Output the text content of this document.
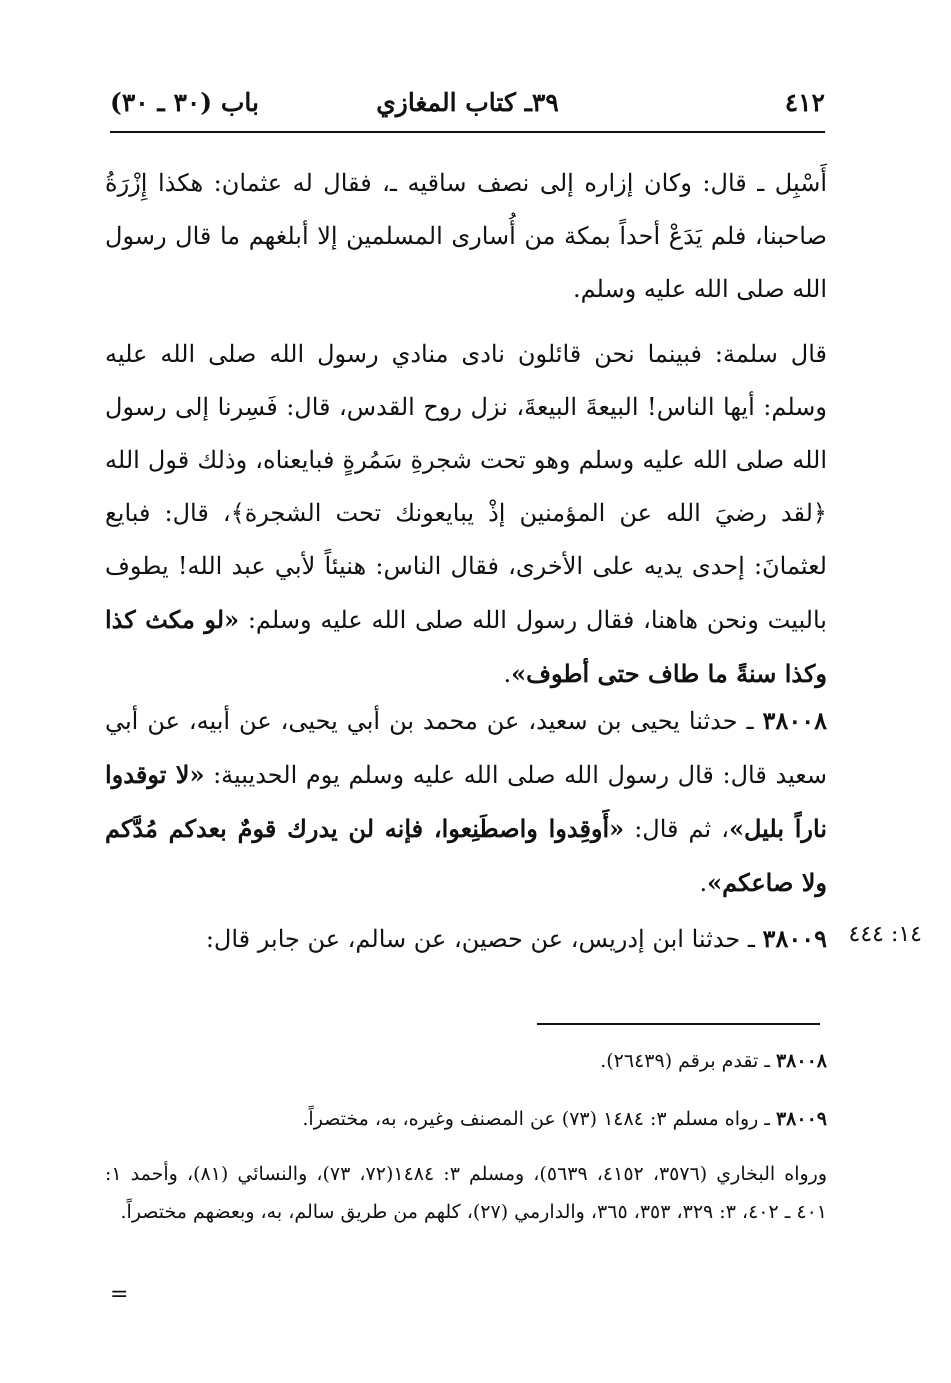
٤١٢
٣٩ـ كتاب المغازي
باب (٣٠ ـ ٣٠)
أَسْبِل ـ قال: وكان إزاره إلى نصف ساقيه ـ، فقال له عثمان: هكذا إِزْرَةُ صاحبنا، فلم يَدَعْ أحداً بمكة من أُسارى المسلمين إلا أبلغهم ما قال رسول الله صلى الله عليه وسلم.
قال سلمة: فبينما نحن قائلون نادى منادي رسول الله صلى الله عليه وسلم: أيها الناس! البيعةَ البيعةَ، نزل روح القدس، قال: فَسِرنا إلى رسول الله صلى الله عليه وسلم وهو تحت شجرةِ سَمُرةٍ فبايعناه، وذلك قول الله ﴿لقد رضيَ الله عن المؤمنين إذْ يبايعونك تحت الشجرة﴾، قال: فبايع لعثمانَ: إحدى يديه على الأخرى، فقال الناس: هنيئاً لأبي عبد الله! يطوف بالبيت ونحن هاهنا، فقال رسول الله صلى الله عليه وسلم: «لو مكث كذا وكذا سنةً ما طاف حتى أطوف».
٣٨٠٠٨ ـ حدثنا يحيى بن سعيد، عن محمد بن أبي يحيى، عن أبيه، عن أبي سعيد قال: قال رسول الله صلى الله عليه وسلم يوم الحديبية: «لا توقدوا ناراً بليل»، ثم قال: «أَوقِدوا واصطَنِعوا، فإنه لن يدرك قومٌ بعدكم مُدَّكم ولا صاعكم».
٣٨٠٠٩ ـ حدثنا ابن إدريس، عن حصين، عن سالم، عن جابر قال:	١٤: ٤٤٤
٣٨٠٠٨ ـ تقدم برقم (٢٦٤٣٩).
٣٨٠٠٩ ـ رواه مسلم ٣: ١٤٨٤ (٧٣) عن المصنف وغيره، به، مختصراً.
ورواه البخاري (٣٥٧٦، ٤١٥٢، ٥٦٣٩)، ومسلم ٣: ١٤٨٤(٧٢، ٧٣)، والنسائي (٨١)، وأحمد ١: ٤٠١ ـ ٤٠٢، ٣: ٣٢٩، ٣٥٣، ٣٦٥، والدارمي (٢٧)، كلهم من طريق سالم، به، وبعضهم مختصراً.
=
